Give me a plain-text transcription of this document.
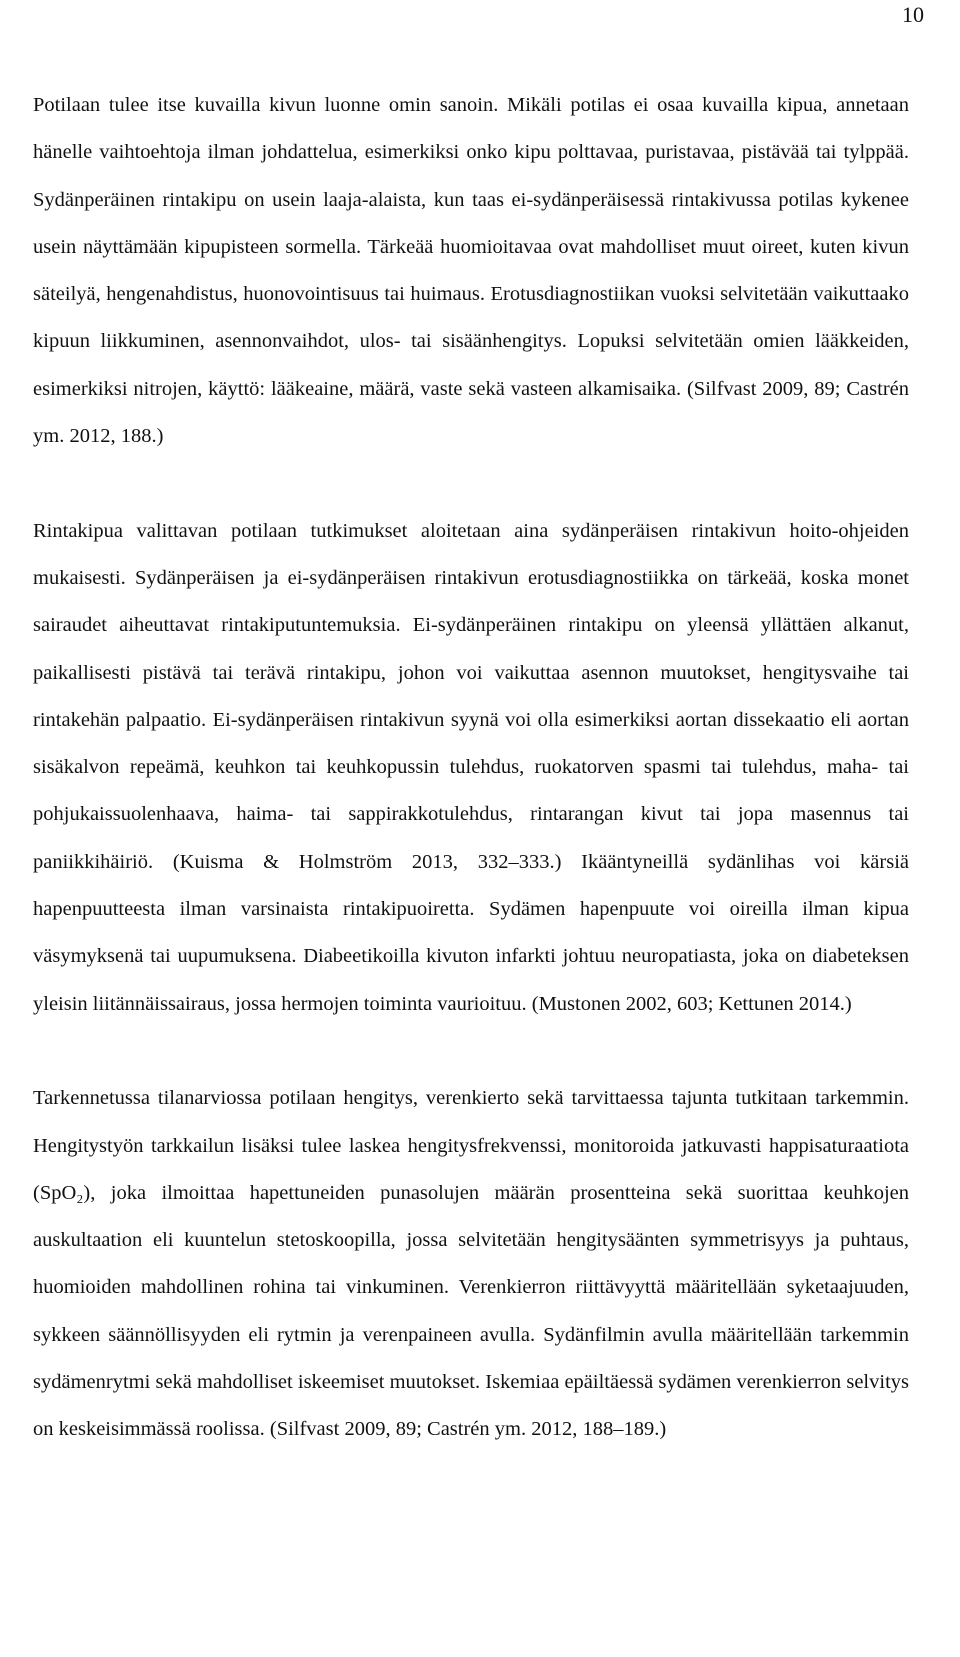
10

Potilaan tulee itse kuvailla kivun luonne omin sanoin. Mikäli potilas ei osaa kuvailla kipua, annetaan hänelle vaihtoehtoja ilman johdattelua, esimerkiksi onko kipu polttavaa, puristavaa, pistävää tai tylppää. Sydänperäinen rintakipu on usein laaja-alaista, kun taas ei-sydänperäisessä rintakivussa potilas kykenee usein näyttämään kipupisteen sormella. Tärkeää huomioitavaa ovat mahdolliset muut oireet, kuten kivun säteilyä, hengenahdistus, huonovointisuus tai huimaus. Erotusdiagnostiikan vuoksi selvitetään vaikuttaako kipuun liikkuminen, asennonvaihdot, ulos- tai sisäänhengitys. Lopuksi selvitetään omien lääkkeiden, esimerkiksi nitrojen, käyttö: lääkeaine, määrä, vaste sekä vasteen alkamisaika. (Silfvast 2009, 89; Castrén ym. 2012, 188.)

Rintakipua valittavan potilaan tutkimukset aloitetaan aina sydänperäisen rintakivun hoito-ohjeiden mukaisesti. Sydänperäisen ja ei-sydänperäisen rintakivun erotusdiagnostiikka on tärkeää, koska monet sairaudet aiheuttavat rintakiputuntemuksia. Ei-sydänperäinen rintakipu on yleensä yllättäen alkanut, paikallisesti pistävä tai terävä rintakipu, johon voi vaikuttaa asennon muutokset, hengitysvaihe tai rintakehän palpaatio. Ei-sydänperäisen rintakivun syynä voi olla esimerkiksi aortan dissekaatio eli aortan sisäkalvon repeämä, keuhkon tai keuhkopussin tulehdus, ruokatorven spasmi tai tulehdus, maha- tai pohjukaissuolenhaava, haima- tai sappirakkotulehdus, rintarangan kivut tai jopa masennus tai paniikkihäiriö. (Kuisma & Holmström 2013, 332–333.) Ikääntyneillä sydänlihas voi kärsiä hapenpuutteesta ilman varsinaista rintakipuoiretta. Sydämen hapenpuute voi oireilla ilman kipua väsymyksenä tai uupumuksena. Diabeetikoilla kivuton infarkti johtuu neuropatiasta, joka on diabeteksen yleisin liitännäissairaus, jossa hermojen toiminta vaurioituu. (Mustonen 2002, 603; Kettunen 2014.)

Tarkennetussa tilanarviossa potilaan hengitys, verenkierto sekä tarvittaessa tajunta tutkitaan tarkemmin. Hengitystyön tarkkailun lisäksi tulee laskea hengitysfrekvenssi, monitoroida jatkuvasti happisaturaatiota (SpO₂), joka ilmoittaa hapettuneiden punasolujen määrän prosentteina sekä suorittaa keuhkojen auskultaation eli kuuntelun stetoskoopilla, jossa selvitetään hengitysäänten symmetrisyys ja puhtaus, huomioiden mahdollinen rohina tai vinkuminen. Verenkierron riittävyyttä määritellään syketaajuuden, sykkeen säännöllisyyden eli rytmin ja verenpaineen avulla. Sydänfilmin avulla määritellään tarkemmin sydämenrytmi sekä mahdolliset iskeemiset muutokset. Iskemiaa epäiltäessä sydämen verenkierron selvitys on keskeisimmässä roolissa. (Silfvast 2009, 89; Castrén ym. 2012, 188–189.)
